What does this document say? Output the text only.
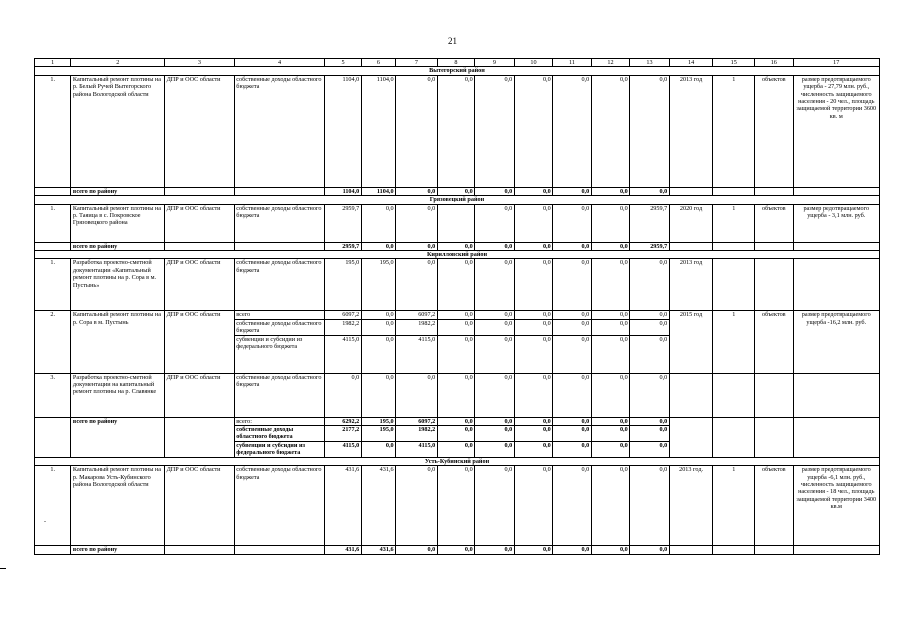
21
1	2	3	4	5	6	7	8	9	10	11	12	13	14	15	16	17
Вытегорский район																
1.	Капитальный ремонт плотины на р. Белый Ручей Вытегорского района Вологодской области	ДПР и ООС области	собственные доходы областного бюджета	1104,0	1104,0	0,0	0,0	0,0	0,0	0,0	0,0	0,0	2013 год	1	объектов	размер предотвращаемого ущерба - 27,79 млн. руб., численность защищаемого населения - 20 чел., площадь защищаемой территории 3600 кв. м
	всего по району			1104,0	1104,0	0,0	0,0	0,0	0,0	0,0	0,0	0,0				
Грязовецкий район																
1.	Капитальный ремонт плотины на р. Таяица в с. Покровское Грязовецкого района	ДПР и ООС области	собственные доходы областного бюджета	2959,7	0,0	0,0		0,0	0,0	0,0	0,0	2959,7	2020 год	1	объектов	размер редотвращаемого ущерба - 3,1 млн. руб.
	всего по району			2959,7	0,0	0,0	0,0	0,0	0,0	0,0	0,0	2959,7				
Кирилловский район																
1.	Разработка проектно-сметной документации «Капитальный ремонт плотины на р. Сора в м. Пустынь»	ДПР и ООС области	собственные доходы областного бюджета	195,0	195,0	0,0	0,0	0,0	0,0	0,0	0,0	0,0	2013 год			
2.	Капитальный ремонт плотины на р. Сора в м. Пустынь	ДПР и ООС области	всего	6097,2	0,0	6097,2	0,0	0,0	0,0	0,0	0,0	0,0	2015 год	1	объектов	размер предотвращаемого ущерба -16,2 млн. руб.
			собственные доходы областного бюджета	1982,2	0,0	1982,2	0,0	0,0	0,0	0,0	0,0	0,0				
			субвенции и субсидии из федерального бюджета	4115,0	0,0	4115,0	0,0	0,0	0,0	0,0	0,0	0,0				
3.	Разработка проектно-сметной документации на капитальный ремонт плотины на р. Славянке	ДПР и ООС области	собственные доходы областного бюджета	0,0	0,0	0,0	0,0	0,0	0,0	0,0	0,0	0,0				
	всего по району		всего:	6292,2	195,0	6097,2	0,0	0,0	0,0	0,0	0,0	0,0				
			собственные доходы областного бюджета	2177,2	195,0	1982,2	0,0	0,0	0,0	0,0	0,0	0,0				
			субвенции и субсидии из федерального бюджета	4115,0	0,0	4115,0	0,0	0,0	0,0	0,0	0,0	0,0				
Усть-Кубинский район																
1.	Капитальный ремонт плотины на р. Макарова Усть-Кубинского района Вологодской области	ДПР и ООС области	собственные доходы областного бюджета	431,6	431,6	0,0	0,0	0,0	0,0	0,0	0,0	0,0	2013 год.	1	объектов	размер предотвращаемого ущерба -6,1 млн. руб., численность защищаемого населения - 18 чел., площадь защищаемой территории 3400 кв.м
	всего по району			431,6	431,6	0,0	0,0	0,0	0,0	0,0	0,0	0,0				
.
